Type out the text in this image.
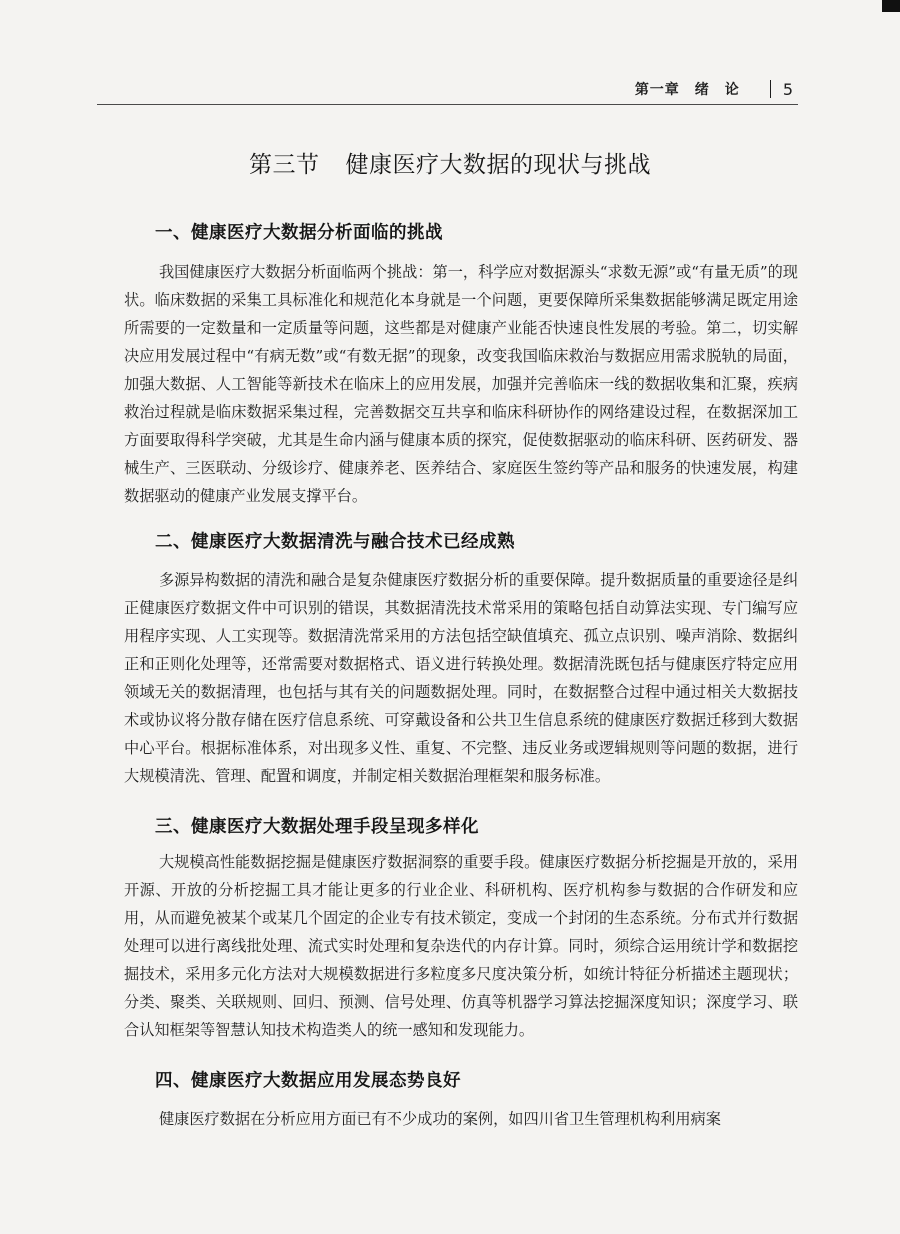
第一章　绪　论	5
第三节 健康医疗大数据的现状与挑战
一、健康医疗大数据分析面临的挑战

我国健康医疗大数据分析面临两个挑战：第一，科学应对数据源头“求数无源”或“有量无质”的现状。临床数据的采集工具标准化和规范化本身就是一个问题，更要保障所采集数据能够满足既定用途所需要的一定数量和一定质量等问题，这些都是对健康产业能否快速良性发展的考验。第二，切实解决应用发展过程中“有病无数”或“有数无据”的现象，改变我国临床救治与数据应用需求脱轨的局面，加强大数据、人工智能等新技术在临床上的应用发展，加强并完善临床一线的数据收集和汇聚，疾病救治过程就是临床数据采集过程，完善数据交互共享和临床科研协作的网络建设过程，在数据深加工方面要取得科学突破，尤其是生命内涵与健康本质的探究，促使数据驱动的临床科研、医药研发、器械生产、三医联动、分级诊疗、健康养老、医养结合、家庭医生签约等产品和服务的快速发展，构建数据驱动的健康产业发展支撑平台。

二、健康医疗大数据清洗与融合技术已经成熟

多源异构数据的清洗和融合是复杂健康医疗数据分析的重要保障。提升数据质量的重要途径是纠正健康医疗数据文件中可识别的错误，其数据清洗技术常采用的策略包括自动算法实现、专门编写应用程序实现、人工实现等。数据清洗常采用的方法包括空缺值填充、孤立点识别、噪声消除、数据纠正和正则化处理等，还常需要对数据格式、语义进行转换处理。数据清洗既包括与健康医疗特定应用领域无关的数据清理，也包括与其有关的问题数据处理。同时，在数据整合过程中通过相关大数据技术或协议将分散存储在医疗信息系统、可穿戴设备和公共卫生信息系统的健康医疗数据迁移到大数据中心平台。根据标准体系，对出现多义性、重复、不完整、违反业务或逻辑规则等问题的数据，进行大规模清洗、管理、配置和调度，并制定相关数据治理框架和服务标准。

三、健康医疗大数据处理手段呈现多样化

大规模高性能数据挖掘是健康医疗数据洞察的重要手段。健康医疗数据分析挖掘是开放的，采用开源、开放的分析挖掘工具才能让更多的行业企业、科研机构、医疗机构参与数据的合作研发和应用，从而避免被某个或某几个固定的企业专有技术锁定，变成一个封闭的生态系统。分布式并行数据处理可以进行离线批处理、流式实时处理和复杂迭代的内存计算。同时，须综合运用统计学和数据挖掘技术，采用多元化方法对大规模数据进行多粒度多尺度决策分析，如统计特征分析描述主题现状；分类、聚类、关联规则、回归、预测、信号处理、仿真等机器学习算法挖掘深度知识；深度学习、联合认知框架等智慧认知技术构造类人的统一感知和发现能力。

四、健康医疗大数据应用发展态势良好

健康医疗数据在分析应用方面已有不少成功的案例，如四川省卫生管理机构利用病案
